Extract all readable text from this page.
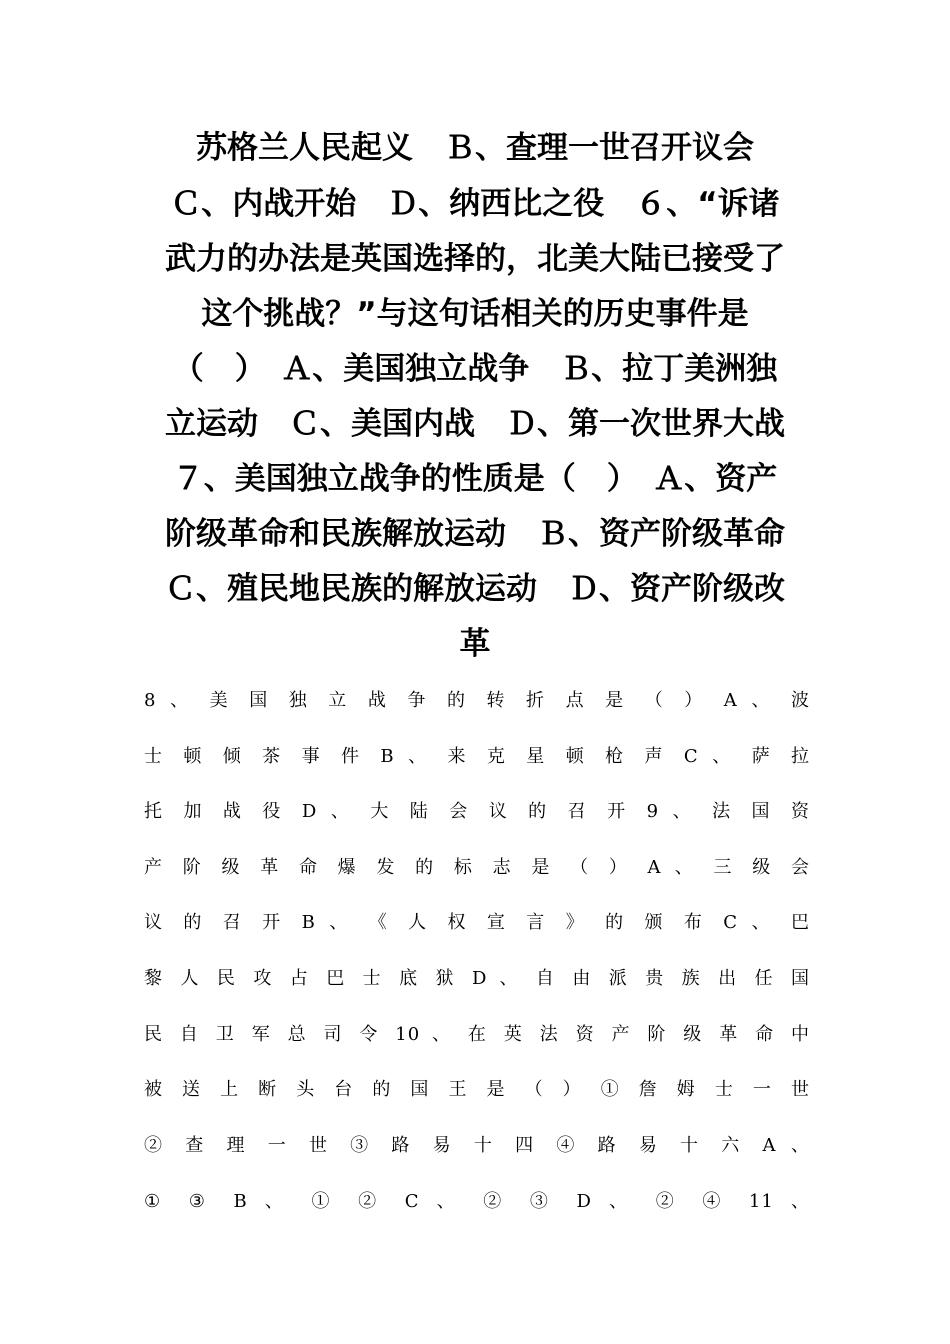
苏格兰人民起义　Ｂ、查理一世召开议会
Ｃ、内战开始　Ｄ、纳西比之役　６、“诉诸
武力的办法是英国选择的，北美大陆已接受了
这个挑战？”与这句话相关的历史事件是
（　）　Ａ、美国独立战争　Ｂ、拉丁美洲独
立运动　Ｃ、美国内战　Ｄ、第一次世界大战
７、美国独立战争的性质是（　）　Ａ、资产
阶级革命和民族解放运动　Ｂ、资产阶级革命
Ｃ、殖民地民族的解放运动　Ｄ、资产阶级改
革
8 、 美 国 独 立 战 争 的 转 折 点 是 （ ） A 、 波
士 顿 倾 茶 事 件 B 、 来 克 星 顿 枪 声 C 、 萨 拉
托 加 战 役 D 、 大 陆 会 议 的 召 开 9 、 法 国 资
产 阶 级 革 命 爆 发 的 标 志 是 （ ） A 、 三 级 会
议 的 召 开 B 、 《 人 权 宣 言 》 的 颁 布 C 、 巴
黎 人 民 攻 占 巴 士 底 狱 D 、 自 由 派 贵 族 出 任 国
民 自 卫 军 总 司 令 10 、 在 英 法 资 产 阶 级 革 命 中
被 送 上 断 头 台 的 国 王 是 （ ） ① 詹 姆 士 一 世
② 查 理 一 世 ③ 路 易 十 四 ④ 路 易 十 六 A 、
① ③ B 、 ① ② C 、 ② ③ D 、 ② ④ 11 、
